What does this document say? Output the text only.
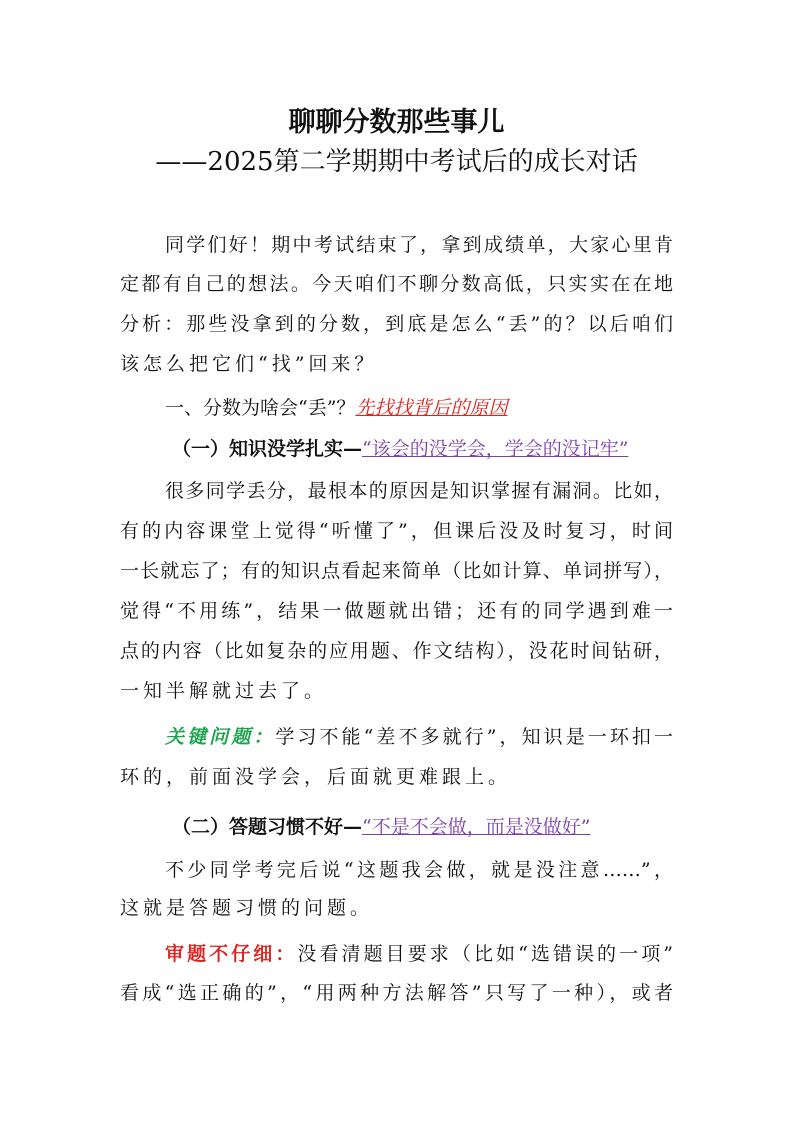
聊聊分数那些事儿
——2025第二学期期中考试后的成长对话
同学们好！期中考试结束了，拿到成绩单，大家心里肯
定都有自己的想法。今天咱们不聊分数高低，只实实在在地
分析：那些没拿到的分数，到底是怎么“丢”的？以后咱们
该怎么把它们“找”回来？
一、分数为啥会“丢”？先找找背后的原因
（一）知识没学扎实—“该会的没学会，学会的没记牢”
很多同学丢分，最根本的原因是知识掌握有漏洞。比如，
有的内容课堂上觉得“听懂了”，但课后没及时复习，时间
一长就忘了；有的知识点看起来简单（比如计算、单词拼写），
觉得“不用练”，结果一做题就出错；还有的同学遇到难一
点的内容（比如复杂的应用题、作文结构），没花时间钻研，
一知半解就过去了。
关键问题：学习不能“差不多就行”，知识是一环扣一
环的，前面没学会，后面就更难跟上。
（二）答题习惯不好—“不是不会做，而是没做好”
不少同学考完后说“这题我会做，就是没注意……”，
这就是答题习惯的问题。
审题不仔细：没看清题目要求（比如“选错误的一项”
看成“选正确的”，“用两种方法解答”只写了一种），或者
